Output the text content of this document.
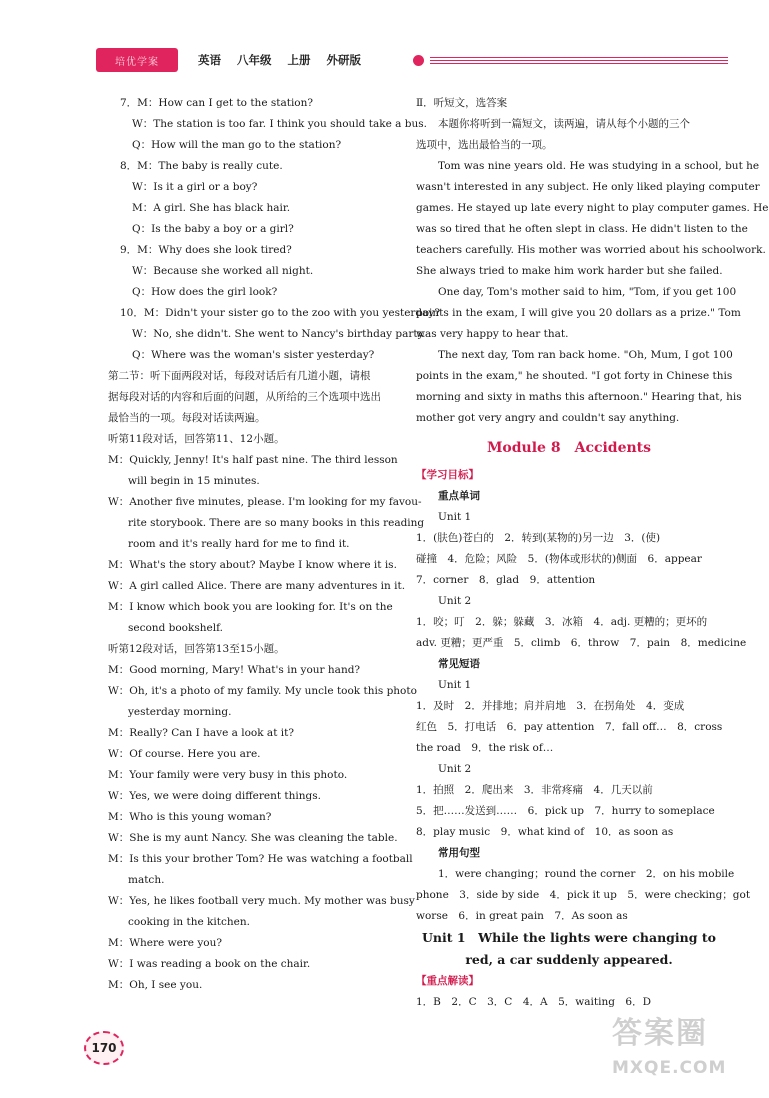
培优学案	英语 八年级 上册 外研版
7．M：How can I get to the station?
W：The station is too far. I think you should take a bus.
Q：How will the man go to the station?
8．M：The baby is really cute.
W：Is it a girl or a boy?
M：A girl. She has black hair.
Q：Is the baby a boy or a girl?
9．M：Why does she look tired?
W：Because she worked all night.
Q：How does the girl look?
10．M：Didn't your sister go to the zoo with you yesterday?
W：No, she didn't. She went to Nancy's birthday party.
Q：Where was the woman's sister yesterday?
第二节：听下面两段对话，每段对话后有几道小题，请根
据每段对话的内容和后面的问题，从所给的三个选项中选出
最恰当的一项。每段对话读两遍。
听第11段对话，回答第11、12小题。
M：Quickly, Jenny! It's half past nine. The third lesson
will begin in 15 minutes.
W：Another five minutes, please. I'm looking for my favou-
rite storybook. There are so many books in this reading
room and it's really hard for me to find it.
M：What's the story about? Maybe I know where it is.
W：A girl called Alice. There are many adventures in it.
M：I know which book you are looking for. It's on the
second bookshelf.
听第12段对话，回答第13至15小题。
M：Good morning, Mary! What's in your hand?
W：Oh, it's a photo of my family. My uncle took this photo
yesterday morning.
M：Really? Can I have a look at it?
W：Of course. Here you are.
M：Your family were very busy in this photo.
W：Yes, we were doing different things.
M：Who is this young woman?
W：She is my aunt Nancy. She was cleaning the table.
M：Is this your brother Tom? He was watching a football
match.
W：Yes, he likes football very much. My mother was busy
cooking in the kitchen.
M：Where were you?
W：I was reading a book on the chair.
M：Oh, I see you.
Ⅱ．听短文，选答案
本题你将听到一篇短文，读两遍，请从每个小题的三个
选项中，选出最恰当的一项。
Tom was nine years old. He was studying in a school, but he
wasn't interested in any subject. He only liked playing computer
games. He stayed up late every night to play computer games. He
was so tired that he often slept in class. He didn't listen to the
teachers carefully. His mother was worried about his schoolwork.
She always tried to make him work harder but she failed.
One day, Tom's mother said to him, "Tom, if you get 100
points in the exam, I will give you 20 dollars as a prize." Tom
was very happy to hear that.
The next day, Tom ran back home. "Oh, Mum, I got 100
points in the exam," he shouted. "I got forty in Chinese this
morning and sixty in maths this afternoon." Hearing that, his
mother got very angry and couldn't say anything.
Module 8　Accidents
【学习目标】
重点单词
Unit 1
1．(肤色)苍白的　2．转到(某物的)另一边　3．(使)
碰撞　4．危险；风险　5．(物体或形状的)侧面　6．appear
7．corner　8．glad　9．attention
Unit 2
1．咬；叮　2．躲；躲藏　3．冰箱　4．adj. 更糟的；更坏的
adv. 更糟；更严重　5．climb　6．throw　7．pain　8．medicine
常见短语
Unit 1
1．及时　2．并排地；肩并肩地　3．在拐角处　4．变成
红色　5．打电话　6．pay attention　7．fall off…　8．cross
the road　9．the risk of…
Unit 2
1．拍照　2．爬出来　3．非常疼痛　4．几天以前
5．把……发送到……　6．pick up　7．hurry to someplace
8．play music　9．what kind of　10．as soon as
常用句型
1．were changing；round the corner　2．on his mobile
phone　3．side by side　4．pick it up　5．were checking；got
worse　6．in great pain　7．As soon as
Unit 1　While the lights were changing to
red, a car suddenly appeared.
【重点解读】
1．B　2．C　3．C　4．A　5．waiting　6．D
170	答案圈
MXQE.COM
